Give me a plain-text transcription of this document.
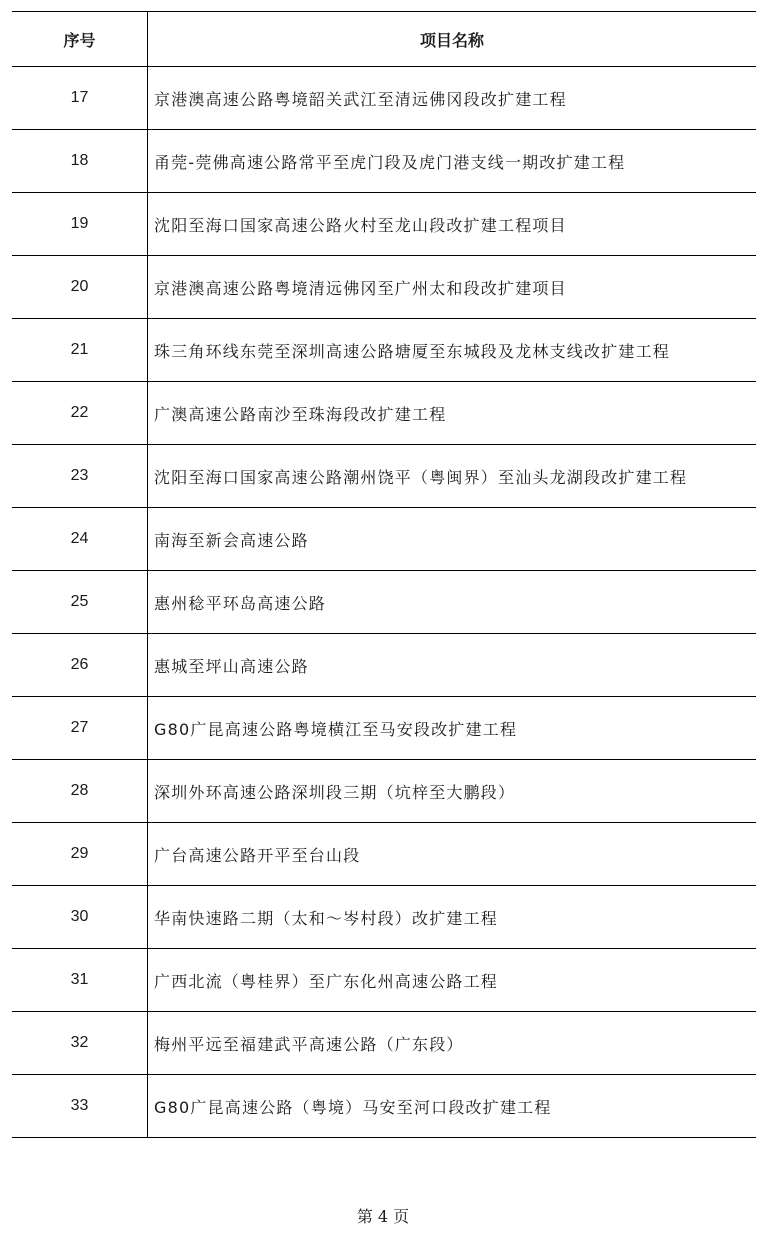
序号	项目名称
17	京港澳高速公路粤境韶关武江至清远佛冈段改扩建工程
18	甬莞-莞佛高速公路常平至虎门段及虎门港支线一期改扩建工程
19	沈阳至海口国家高速公路火村至龙山段改扩建工程项目
20	京港澳高速公路粤境清远佛冈至广州太和段改扩建项目
21	珠三角环线东莞至深圳高速公路塘厦至东城段及龙林支线改扩建工程
22	广澳高速公路南沙至珠海段改扩建工程
23	沈阳至海口国家高速公路潮州饶平（粤闽界）至汕头龙湖段改扩建工程
24	南海至新会高速公路
25	惠州稔平环岛高速公路
26	惠城至坪山高速公路
27	G80广昆高速公路粤境横江至马安段改扩建工程
28	深圳外环高速公路深圳段三期（坑梓至大鹏段）
29	广台高速公路开平至台山段
30	华南快速路二期（太和～岑村段）改扩建工程
31	广西北流（粤桂界）至广东化州高速公路工程
32	梅州平远至福建武平高速公路（广东段）
33	G80广昆高速公路（粤境）马安至河口段改扩建工程
第 4 页
